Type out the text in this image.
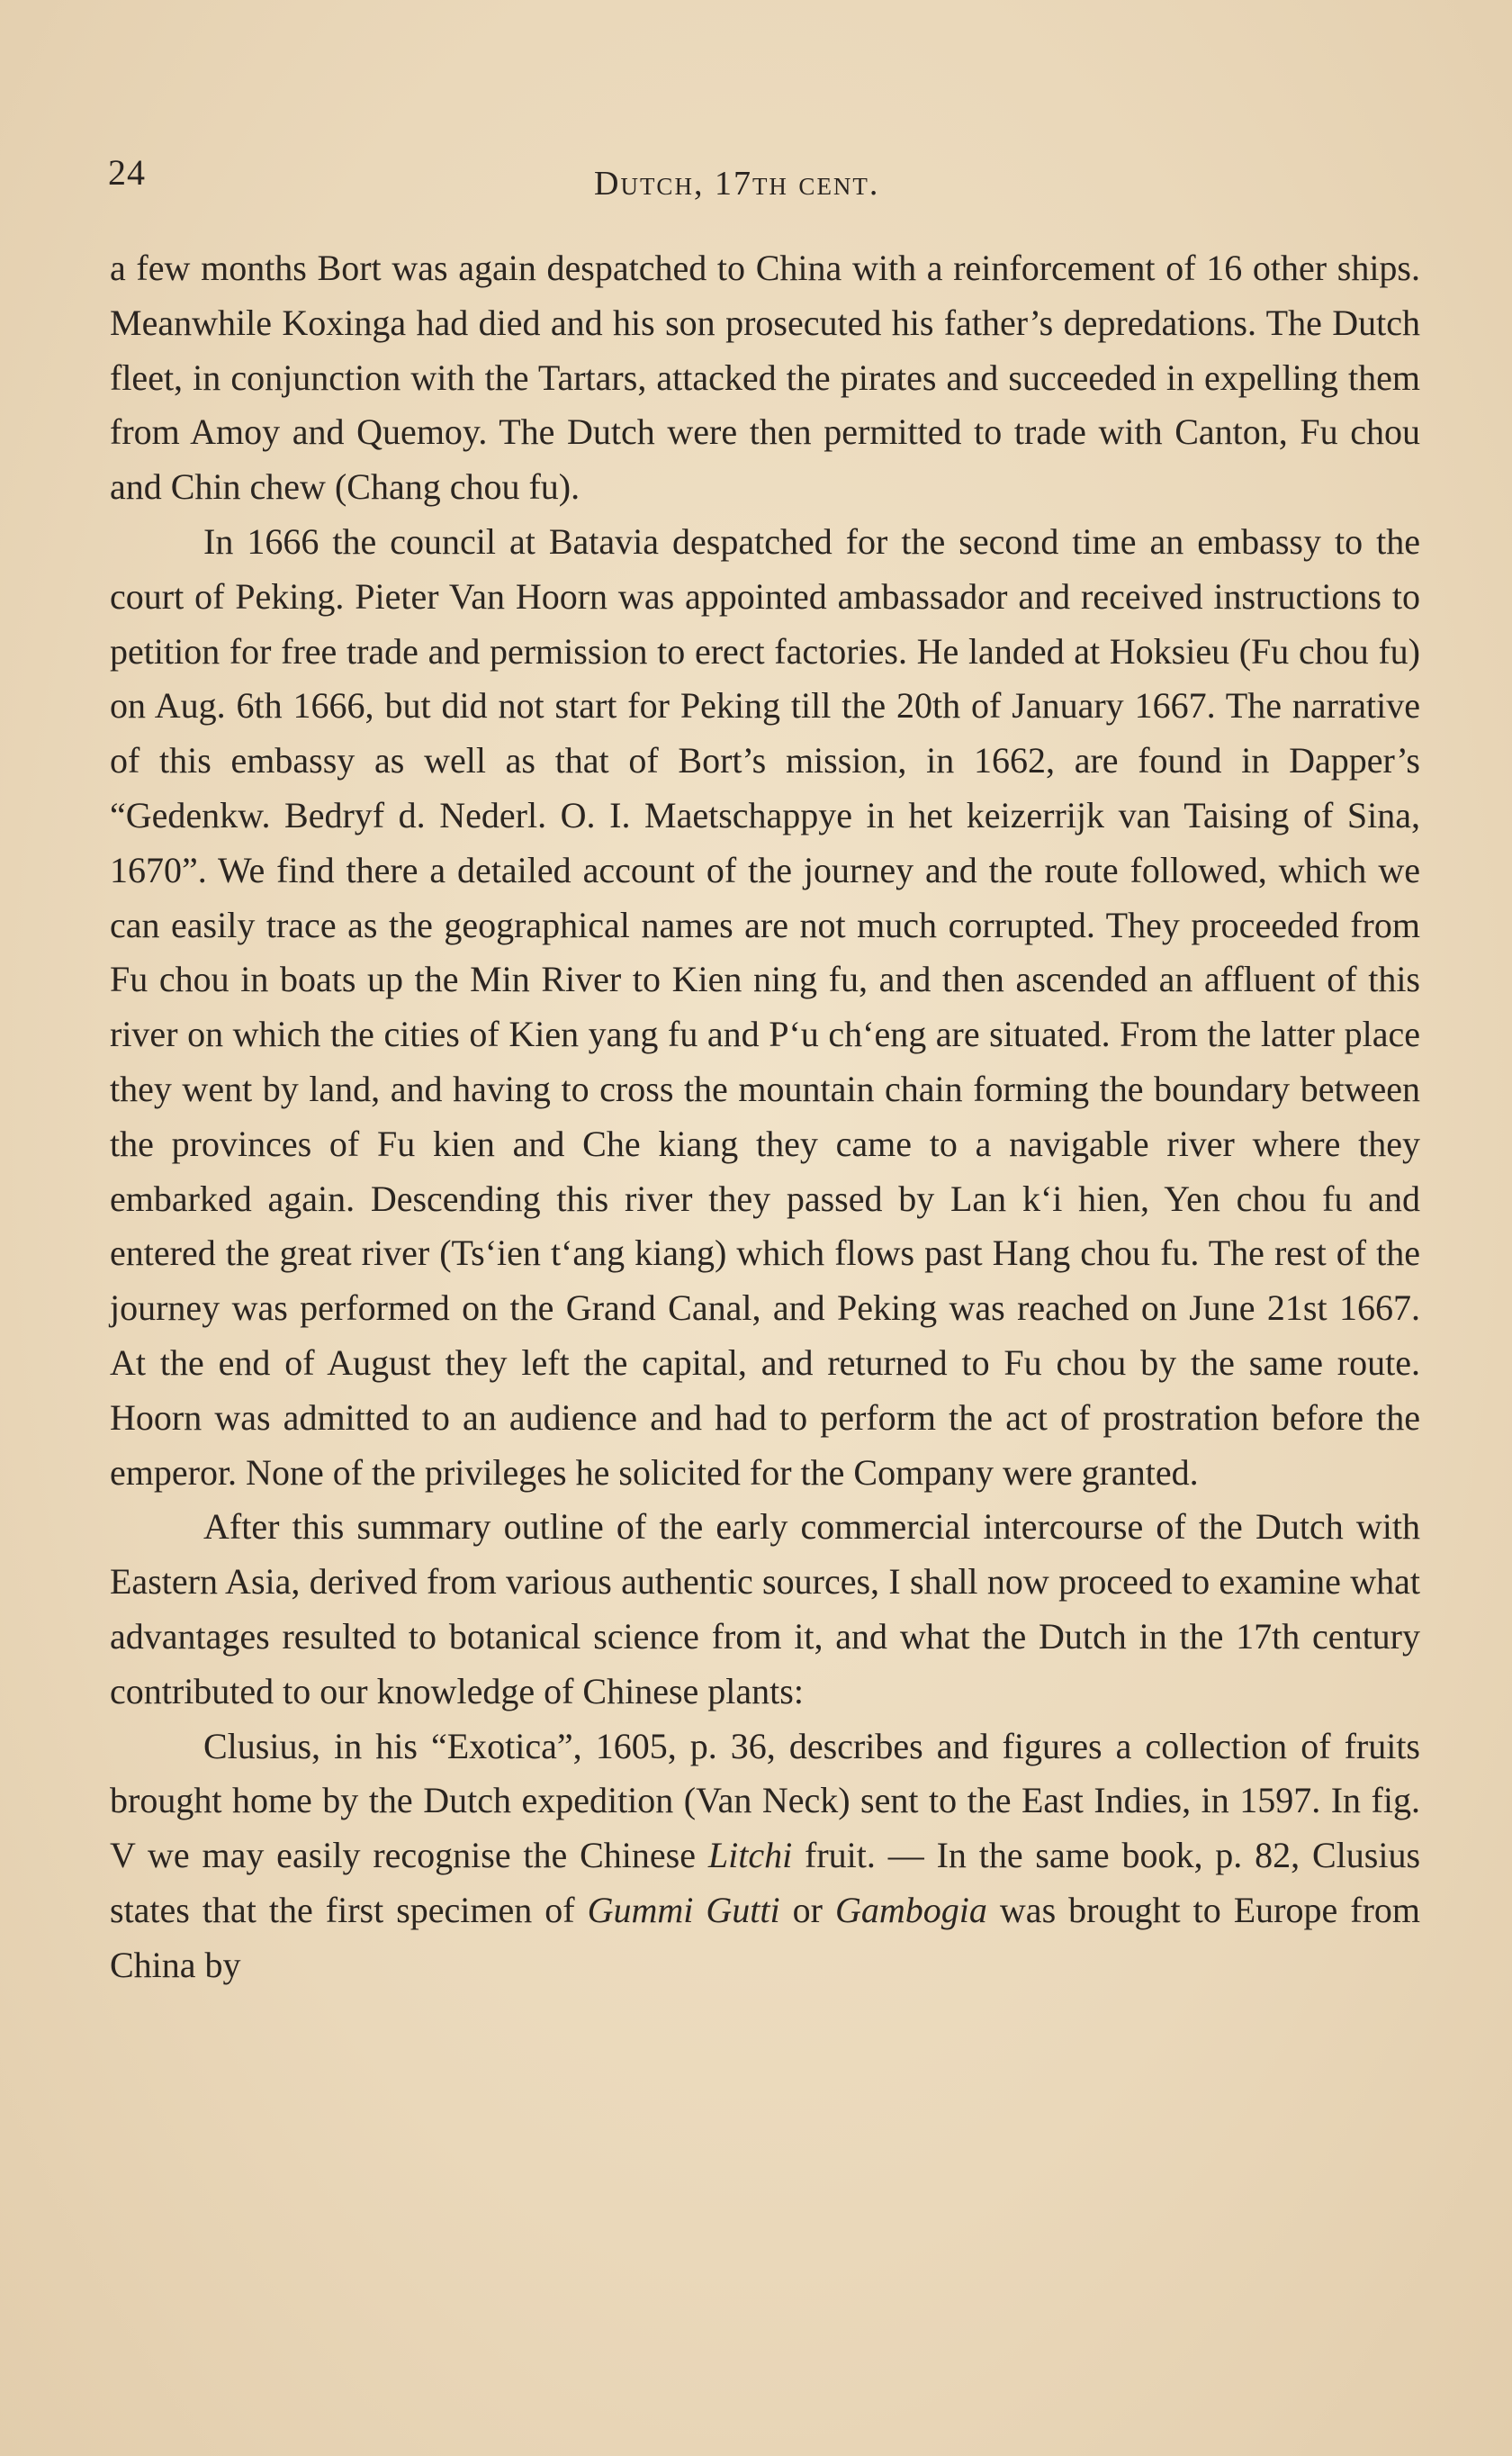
24	Dutch, 17th cent.

a few months Bort was again despatched to China with a reinforcement of 16 other ships. Meanwhile Koxinga had died and his son prosecuted his father’s depredations. The Dutch fleet, in conjunction with the Tartars, attacked the pirates and succeeded in expelling them from Amoy and Quemoy. The Dutch were then permitted to trade with Canton, Fu chou and Chin chew (Chang chou fu).

In 1666 the council at Batavia despatched for the second time an embassy to the court of Peking. Pieter Van Hoorn was appointed ambassador and received instructions to petition for free trade and permission to erect factories. He landed at Hoksieu (Fu chou fu) on Aug. 6th 1666, but did not start for Peking till the 20th of January 1667. The narrative of this embassy as well as that of Bort’s mission, in 1662, are found in Dapper’s “Gedenkw. Bedryf d. Nederl. O. I. Maetschappye in het keizerrijk van Taising of Sina, 1670”. We find there a detailed account of the journey and the route followed, which we can easily trace as the geographical names are not much corrupted. They proceeded from Fu chou in boats up the Min River to Kien ning fu, and then ascended an affluent of this river on which the cities of Kien yang fu and P‘u ch‘eng are situated. From the latter place they went by land, and having to cross the mountain chain forming the boundary between the provinces of Fu kien and Che kiang they came to a navigable river where they embarked again. Descending this river they passed by Lan k‘i hien, Yen chou fu and entered the great river (Ts‘ien t‘ang kiang) which flows past Hang chou fu. The rest of the journey was performed on the Grand Canal, and Peking was reached on June 21st 1667. At the end of August they left the capital, and returned to Fu chou by the same route. Hoorn was admitted to an audience and had to perform the act of prostration before the emperor. None of the privileges he solicited for the Company were granted.

After this summary outline of the early commercial intercourse of the Dutch with Eastern Asia, derived from various authentic sources, I shall now proceed to examine what advantages resulted to botanical science from it, and what the Dutch in the 17th century contributed to our knowledge of Chinese plants:

Clusius, in his “Exotica”, 1605, p. 36, describes and figures a collection of fruits brought home by the Dutch expedition (Van Neck) sent to the East Indies, in 1597. In fig. V we may easily recognise the Chinese Litchi fruit. — In the same book, p. 82, Clusius states that the first specimen of Gummi Gutti or Gambogia was brought to Europe from China by
